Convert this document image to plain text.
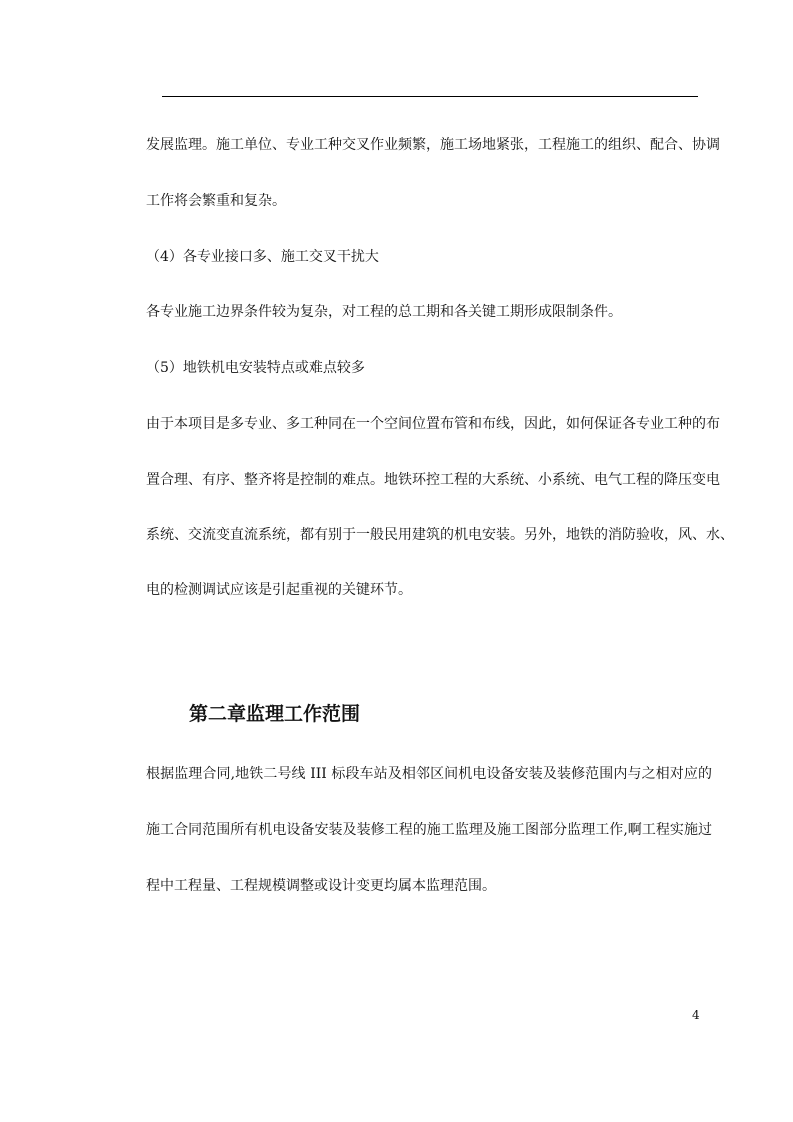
发展监理。施工单位、专业工种交叉作业频繁，施工场地紧张，工程施工的组织、配合、协调
工作将会繁重和复杂。
（4）各专业接口多、施工交叉干扰大
各专业施工边界条件较为复杂，对工程的总工期和各关键工期形成限制条件。
（5）地铁机电安装特点或难点较多
由于本项目是多专业、多工种同在一个空间位置布管和布线，因此，如何保证各专业工种的布
置合理、有序、整齐将是控制的难点。地铁环控工程的大系统、小系统、电气工程的降压变电
系统、交流变直流系统，都有别于一般民用建筑的机电安装。另外，地铁的消防验收，风、水、
电的检测调试应该是引起重视的关键环节。
第二章监理工作范围
根据监理合同,地铁二号线 III 标段车站及相邻区间机电设备安装及装修范围内与之相对应的
施工合同范围所有机电设备安装及装修工程的施工监理及施工图部分监理工作,啊工程实施过
程中工程量、工程规模调整或设计变更均属本监理范围。
4
